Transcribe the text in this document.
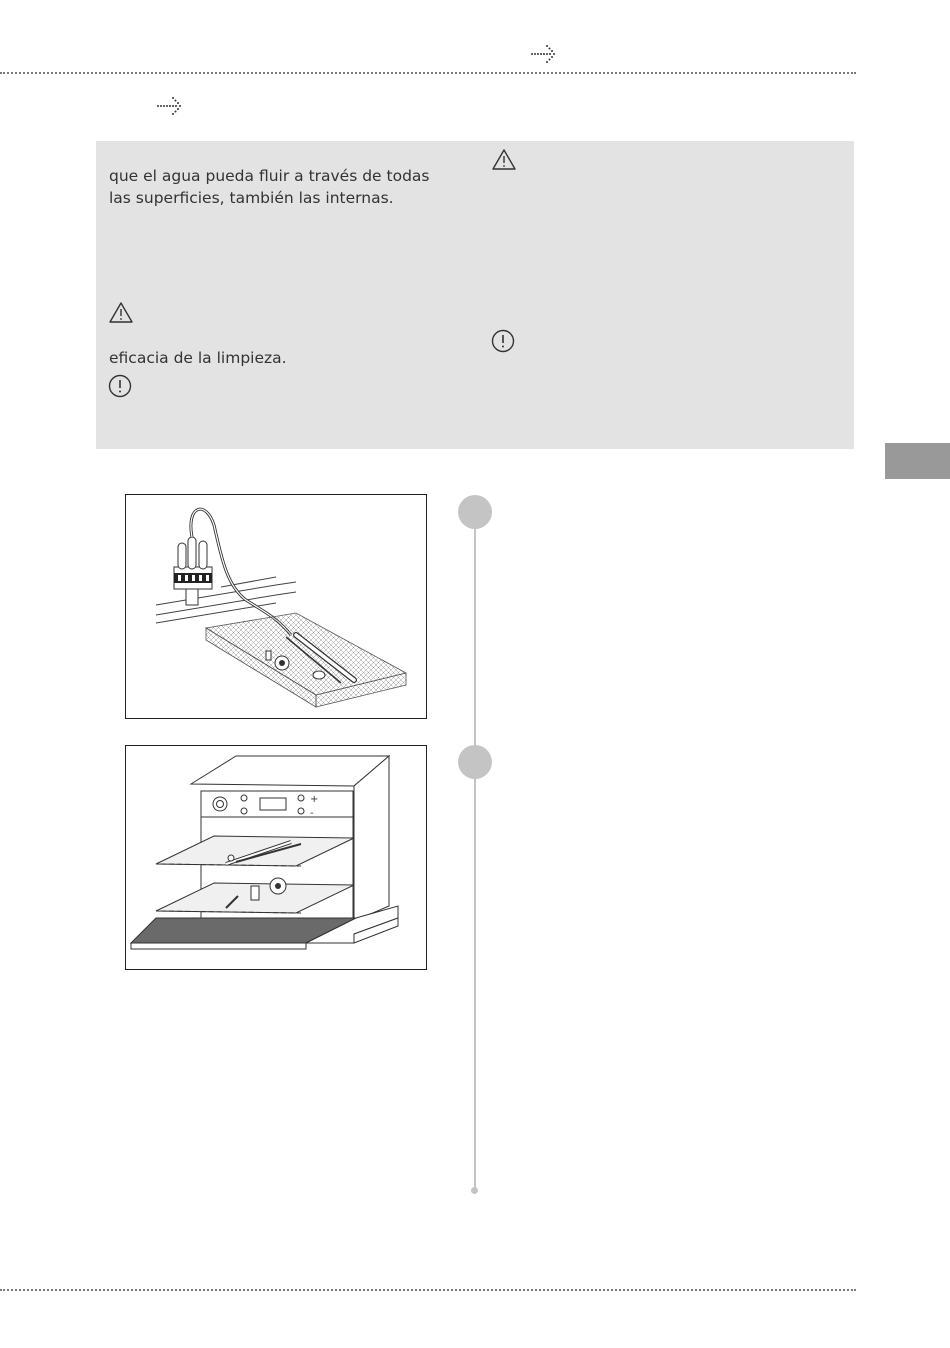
que el agua pueda fluir a través de todas
las superficies, también las internas.

eficacia de la limpieza.

+
-
